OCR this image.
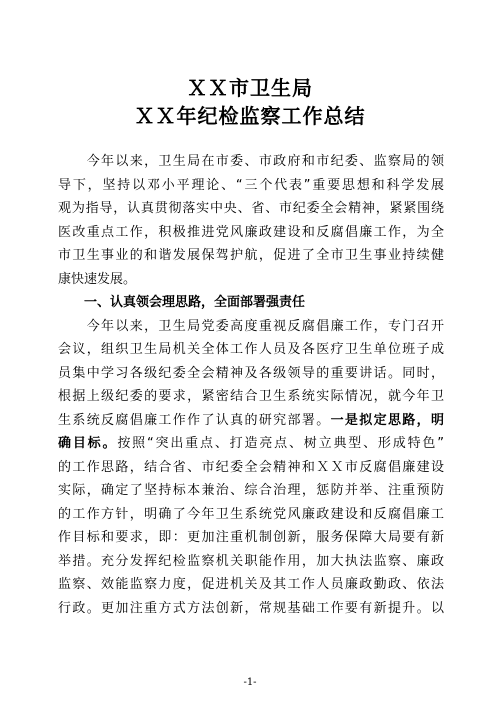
ＸＸ市卫生局
ＸＸ年纪检监察工作总结
　　今年以来，卫生局在市委、市政府和市纪委、监察局的领
导下，坚持以邓小平理论、“三个代表”重要思想和科学发展
观为指导，认真贯彻落实中央、省、市纪委全会精神，紧紧围绕
医改重点工作，积极推进党风廉政建设和反腐倡廉工作，为全
市卫生事业的和谐发展保驾护航，促进了全市卫生事业持续健
康快速发展。
　　一、认真领会理思路，全面部署强责任
　　今年以来，卫生局党委高度重视反腐倡廉工作，专门召开
会议，组织卫生局机关全体工作人员及各医疗卫生单位班子成
员集中学习各级纪委全会精神及各级领导的重要讲话。同时，
根据上级纪委的要求，紧密结合卫生系统实际情况，就今年卫
生系统反腐倡廉工作作了认真的研究部署。一是拟定思路，明
确目标。按照“突出重点、打造亮点、树立典型、形成特色”
的工作思路，结合省、市纪委全会精神和ＸＸ市反腐倡廉建设
实际，确定了坚持标本兼治、综合治理，惩防并举、注重预防
的工作方针，明确了今年卫生系统党风廉政建设和反腐倡廉工
作目标和要求，即：更加注重机制创新，服务保障大局要有新
举措。充分发挥纪检监察机关职能作用，加大执法监察、廉政
监察、效能监察力度，促进机关及其工作人员廉政勤政、依法
行政。更加注重方式方法创新，常规基础工作要有新提升。以
-1-
